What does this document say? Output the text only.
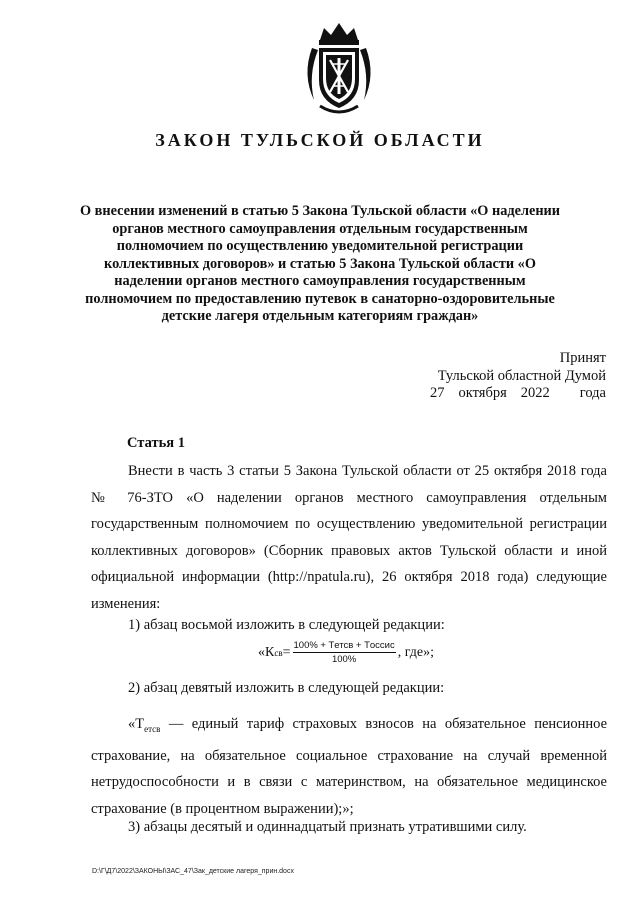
ЗАКОН ТУЛЬСКОЙ ОБЛАСТИ
О внесении изменений в статью 5 Закона Тульской области «О наделении органов местного самоуправления отдельным государственным полномочием по осуществлению уведомительной регистрации коллективных договоров» и статью 5 Закона Тульской области «О наделении органов местного самоуправления государственным полномочием по предоставлению путевок в санаторно-оздоровительные детские лагеря отдельным категориям граждан»
Принят
Тульской областной Думой
27 октября 2022 года
Статья 1
Внести в часть 3 статьи 5 Закона Тульской области от 25 октября 2018 года № 76-ЗТО «О наделении органов местного самоуправления отдельным государственным полномочием по осуществлению уведомительной регистрации коллективных договоров» (Сборник правовых актов Тульской области и иной официальной информации (http://npatula.ru), 26 октября 2018 года) следующие изменения:
1) абзац восьмой изложить в следующей редакции:
«К св = $\frac{\text{100\% + Tетсв + Tоссис}}{100\%}$ , где»;
2) абзац девятый изложить в следующей редакции:
«$Т_{етсв}$ — единый тариф страховых взносов на обязательное пенсионное страхование, на обязательное социальное страхование на случай временной нетрудоспособности и в связи с материнством, на обязательное медицинское страхование (в процентном выражении);»;
3) абзацы десятый и одиннадцатый признать утратившими силу.
D:\Г\Д7\2022\ЗАКОНЫ\ЗАС_47\Зак_детские лагеря_прин.docx
